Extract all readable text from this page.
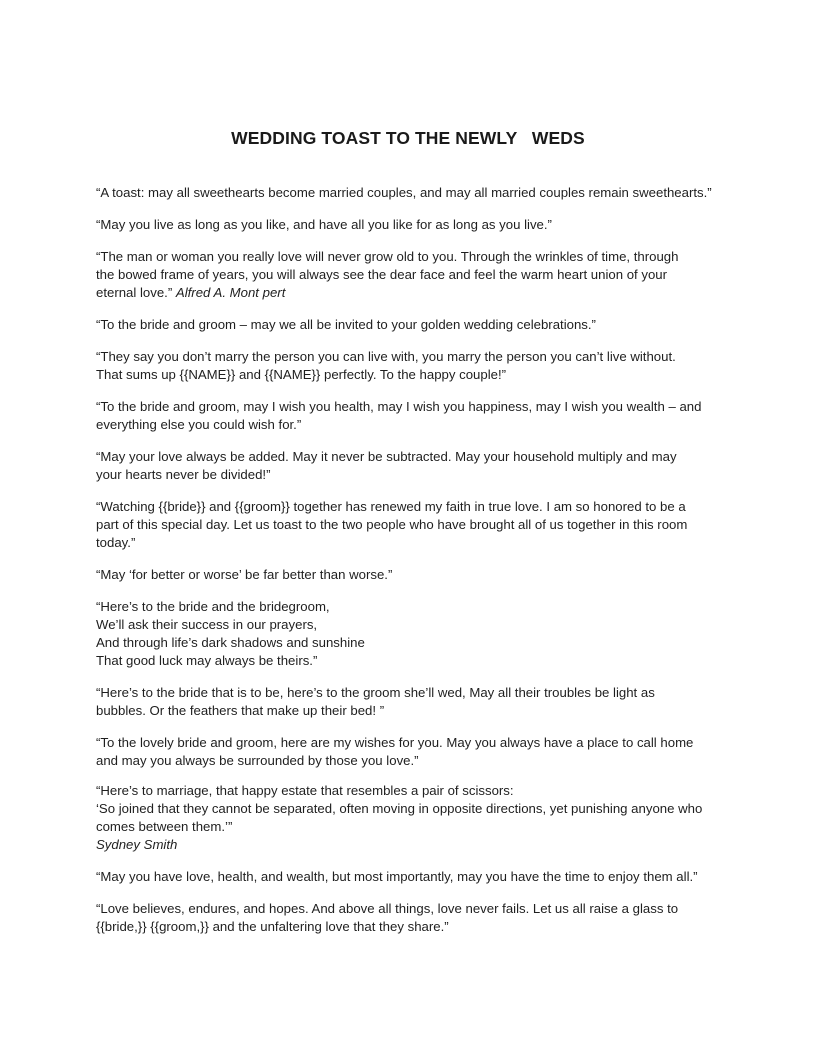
WEDDING TOAST TO THE NEWLY   WEDS

“A toast: may all sweethearts become married couples, and may all married couples remain sweethearts.”

“May you live as long as you like, and have all you like for as long as you live.”

“The man or woman you really love will never grow old to you. Through the wrinkles of time, through
the bowed frame of years, you will always see the dear face and feel the warm heart union of your
eternal love.” Alfred A. Mont pert

“To the bride and groom – may we all be invited to your golden wedding celebrations.”

“They say you don’t marry the person you can live with, you marry the person you can’t live without.
That sums up {{NAME}} and {{NAME}} perfectly. To the happy couple!”

“To the bride and groom, may I wish you health, may I wish you happiness, may I wish you wealth – and
everything else you could wish for.”

“May your love always be added. May it never be subtracted. May your household multiply and may
your hearts never be divided!”

“Watching {{bride}} and {{groom}} together has renewed my faith in true love. I am so honored to be a
part of this special day. Let us toast to the two people who have brought all of us together in this room
today.”

“May ‘for better or worse’ be far better than worse.”

“Here’s to the bride and the bridegroom,
We’ll ask their success in our prayers,
And through life’s dark shadows and sunshine
That good luck may always be theirs.”

“Here’s to the bride that is to be, here’s to the groom she’ll wed, May all their troubles be light as
bubbles. Or the feathers that make up their bed! ”

“To the lovely bride and groom, here are my wishes for you. May you always have a place to call home
and may you always be surrounded by those you love.”

“Here’s to marriage, that happy estate that resembles a pair of scissors:
‘So joined that they cannot be separated, often moving in opposite directions, yet punishing anyone who
comes between them.’”
Sydney Smith

“May you have love, health, and wealth, but most importantly, may you have the time to enjoy them all.”

“Love believes, endures, and hopes. And above all things, love never fails. Let us all raise a glass to
{{bride,}} {{groom,}} and the unfaltering love that they share.”
